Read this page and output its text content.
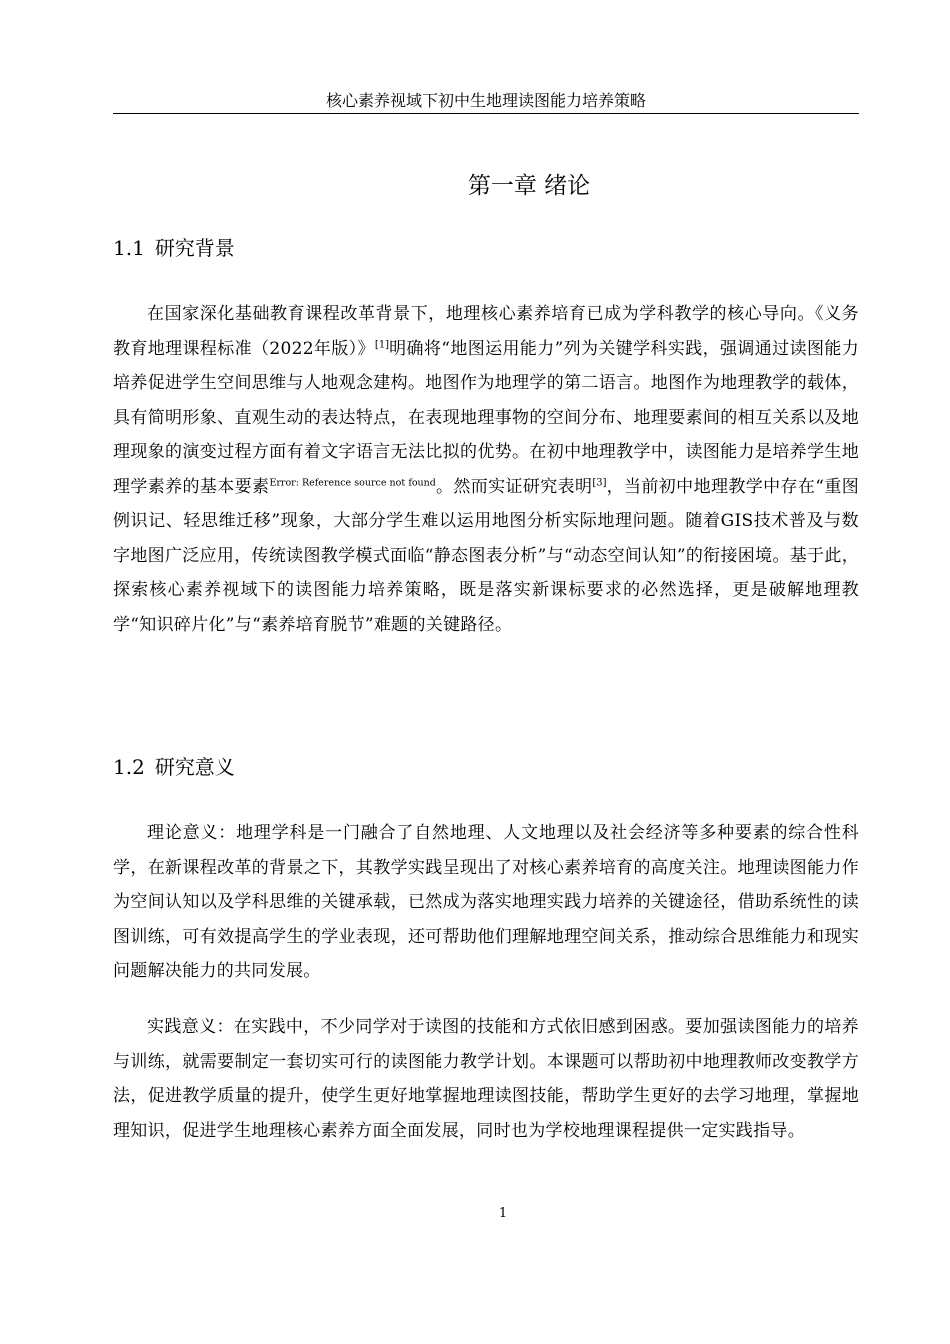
核心素养视域下初中生地理读图能力培养策略
第一章 绪论
1.1 研究背景

在国家深化基础教育课程改革背景下，地理核心素养培育已成为学科教学的核心导向。《义务教育地理课程标准（2022年版）》[1]明确将“地图运用能力”列为关键学科实践，强调通过读图能力培养促进学生空间思维与人地观念建构。地图作为地理学的第二语言。地图作为地理教学的载体，具有简明形象、直观生动的表达特点，在表现地理事物的空间分布、地理要素间的相互关系以及地理现象的演变过程方面有着文字语言无法比拟的优势。在初中地理教学中，读图能力是培养学生地理学素养的基本要素$^{Error: Reference source not found}$。然而实证研究表明[3]，当前初中地理教学中存在“重图例识记、轻思维迁移”现象，大部分学生难以运用地图分析实际地理问题。随着GIS技术普及与数字地图广泛应用，传统读图教学模式面临“静态图表分析”与“动态空间认知”的衔接困境。基于此，探索核心素养视域下的读图能力培养策略，既是落实新课标要求的必然选择，更是破解地理教学“知识碎片化”与“素养培育脱节”难题的关键路径。

1.2 研究意义

理论意义：地理学科是一门融合了自然地理、人文地理以及社会经济等多种要素的综合性科学，在新课程改革的背景之下，其教学实践呈现出了对核心素养培育的高度关注。地理读图能力作为空间认知以及学科思维的关键承载，已然成为落实地理实践力培养的关键途径，借助系统性的读图训练，可有效提高学生的学业表现，还可帮助他们理解地理空间关系，推动综合思维能力和现实问题解决能力的共同发展。

实践意义：在实践中，不少同学对于读图的技能和方式依旧感到困惑。要加强读图能力的培养与训练，就需要制定一套切实可行的读图能力教学计划。本课题可以帮助初中地理教师改变教学方法，促进教学质量的提升，使学生更好地掌握地理读图技能，帮助学生更好的去学习地理，掌握地理知识，促进学生地理核心素养方面全面发展，同时也为学校地理课程提供一定实践指导。

1
